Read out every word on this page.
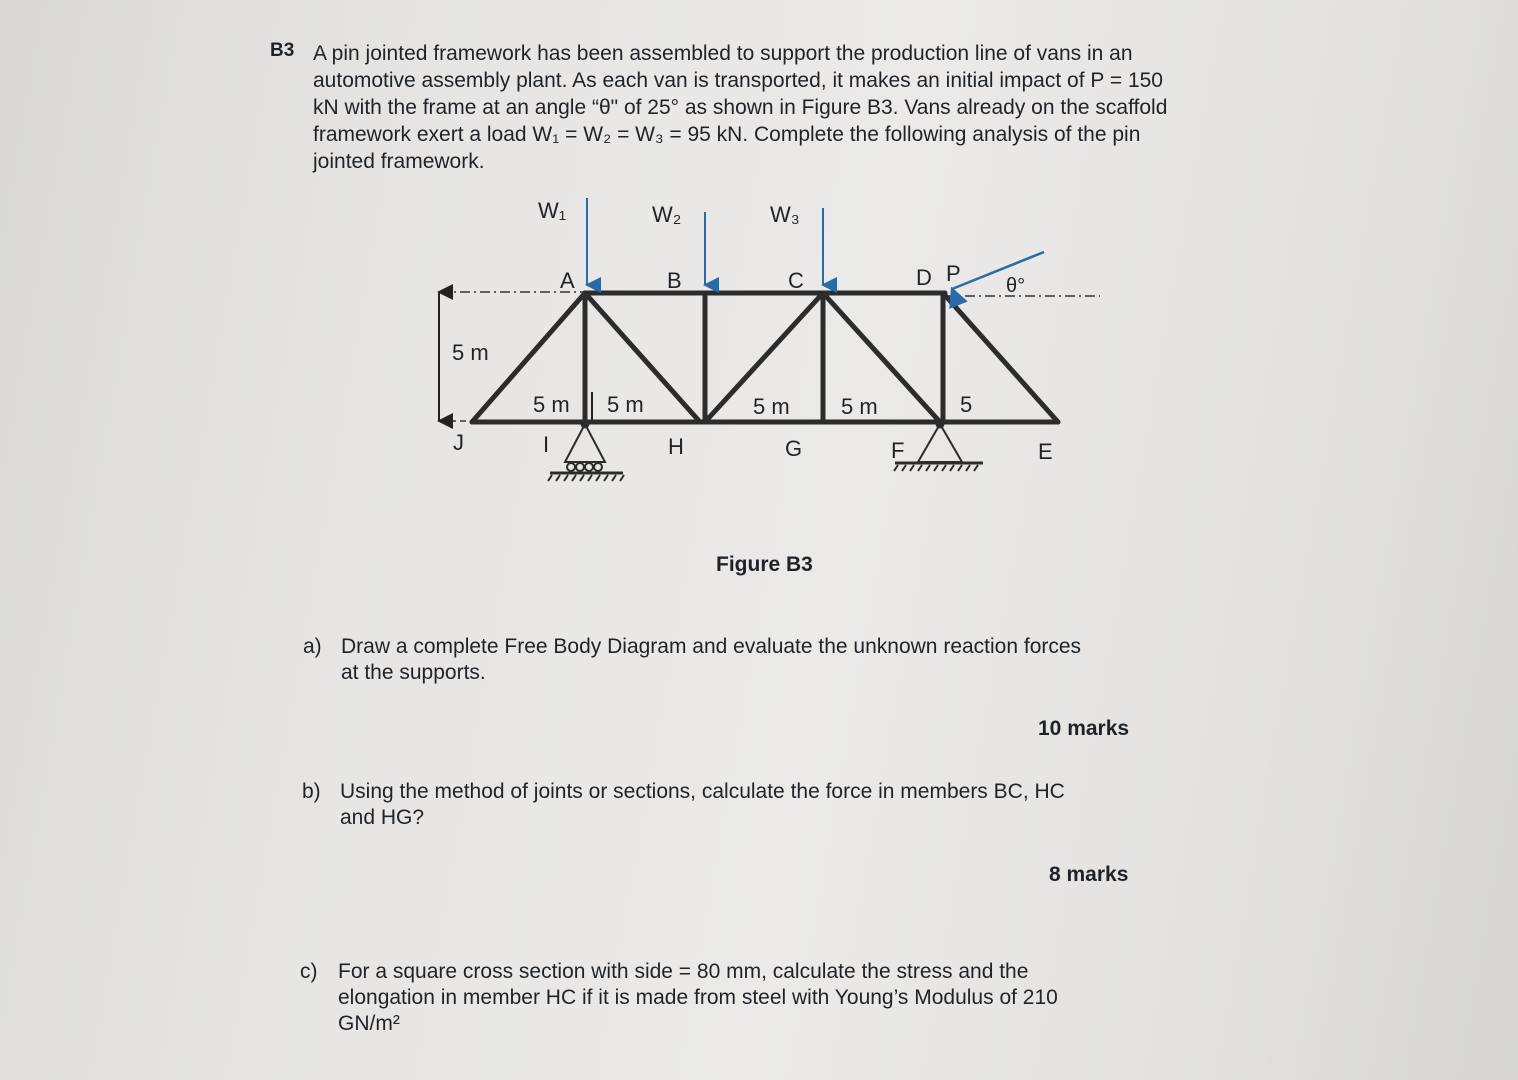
B3 A pin jointed framework has been assembled to support the production line of vans in an
automotive assembly plant. As each van is transported, it makes an initial impact of P = 150
kN with the frame at an angle “θ" of 25° as shown in Figure B3. Vans already on the scaffold
framework exert a load W₁ = W₂ = W₃ = 95 kN. Complete the following analysis of the pin
jointed framework.
5 m
W₁	W₂	W₃
P θ°
A	B	C	D
E
F
G
H
I
J
5 m 5 m	5 m 5 m	5
Figure B3
a) Draw a complete Free Body Diagram and evaluate the unknown reaction forces
at the supports.
10 marks
b) Using the method of joints or sections, calculate the force in members BC, HC
and HG?
8 marks
c) For a square cross section with side = 80 mm, calculate the stress and the
elongation in member HC if it is made from steel with Young’s Modulus of 210
GN/m²
